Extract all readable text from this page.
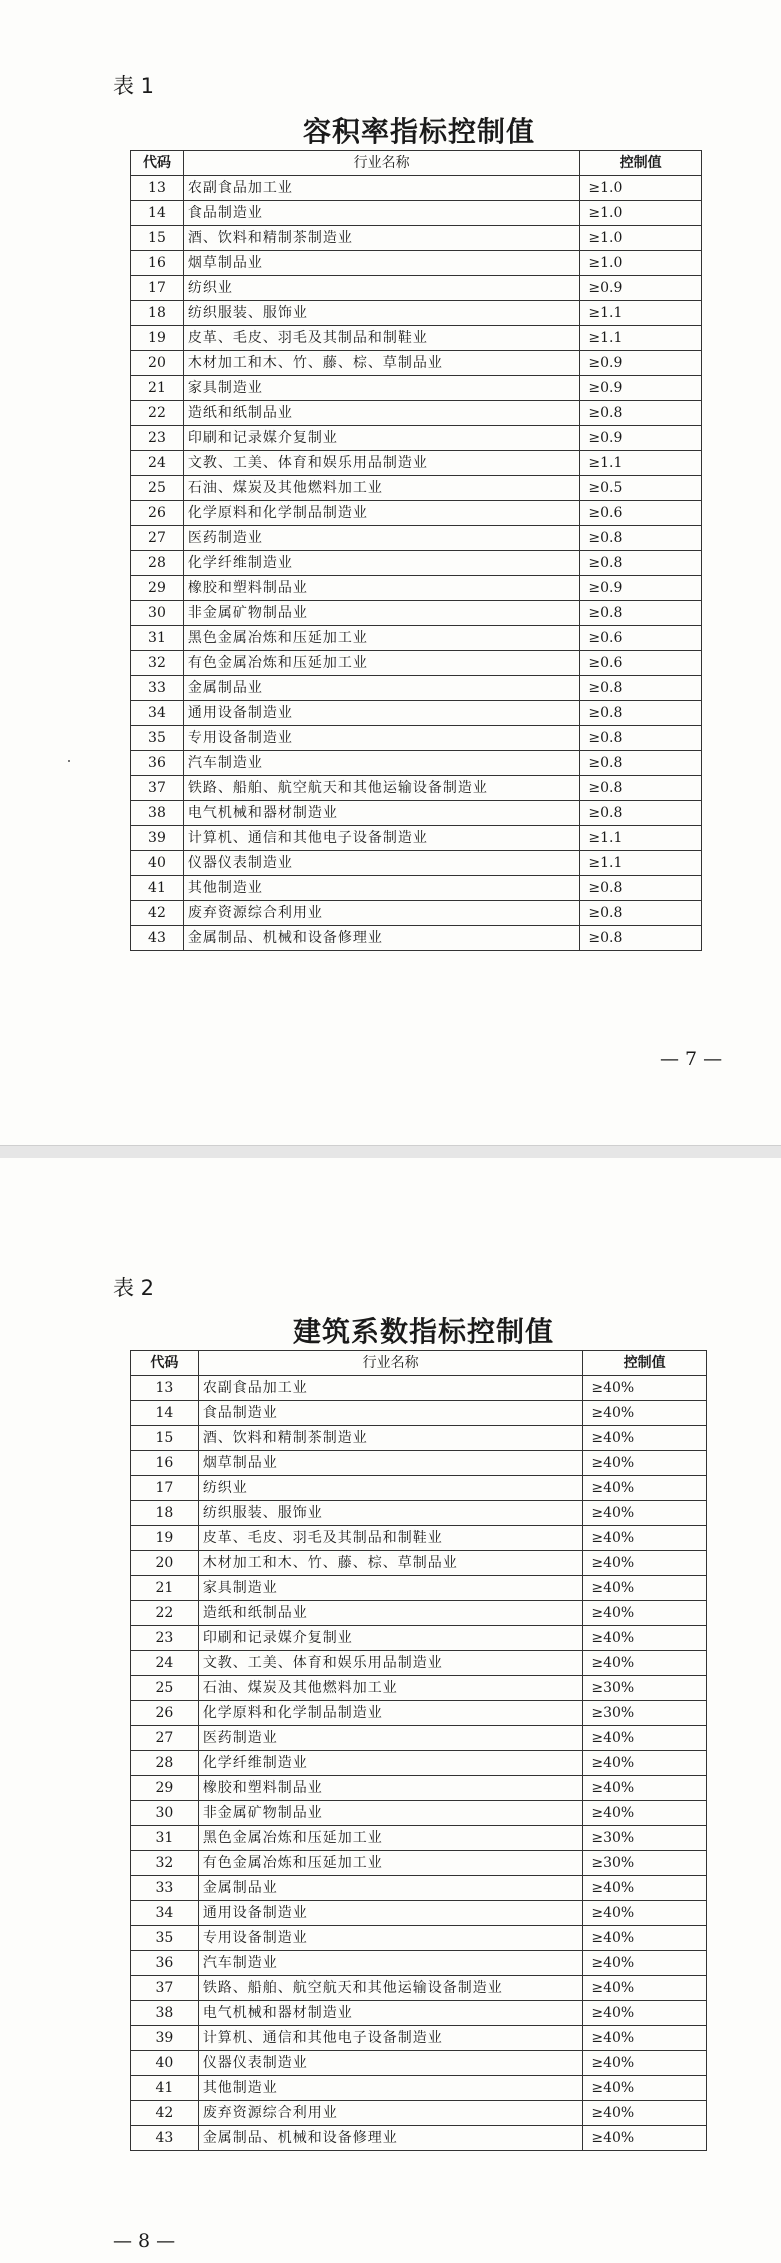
表 1
容积率指标控制值
代码	行业名称	控制值
13	农副食品加工业	≥1.0
14	食品制造业	≥1.0
15	酒、饮料和精制茶制造业	≥1.0
16	烟草制品业	≥1.0
17	纺织业	≥0.9
18	纺织服装、服饰业	≥1.1
19	皮革、毛皮、羽毛及其制品和制鞋业	≥1.1
20	木材加工和木、竹、藤、棕、草制品业	≥0.9
21	家具制造业	≥0.9
22	造纸和纸制品业	≥0.8
23	印刷和记录媒介复制业	≥0.9
24	文教、工美、体育和娱乐用品制造业	≥1.1
25	石油、煤炭及其他燃料加工业	≥0.5
26	化学原料和化学制品制造业	≥0.6
27	医药制造业	≥0.8
28	化学纤维制造业	≥0.8
29	橡胶和塑料制品业	≥0.9
30	非金属矿物制品业	≥0.8
31	黑色金属冶炼和压延加工业	≥0.6
32	有色金属冶炼和压延加工业	≥0.6
33	金属制品业	≥0.8
34	通用设备制造业	≥0.8
35	专用设备制造业	≥0.8
36	汽车制造业	≥0.8
37	铁路、船舶、航空航天和其他运输设备制造业	≥0.8
38	电气机械和器材制造业	≥0.8
39	计算机、通信和其他电子设备制造业	≥1.1
40	仪器仪表制造业	≥1.1
41	其他制造业	≥0.8
42	废弃资源综合利用业	≥0.8
43	金属制品、机械和设备修理业	≥0.8
— 7 —
表 2
建筑系数指标控制值
代码	行业名称	控制值
13	农副食品加工业	≥40%
14	食品制造业	≥40%
15	酒、饮料和精制茶制造业	≥40%
16	烟草制品业	≥40%
17	纺织业	≥40%
18	纺织服装、服饰业	≥40%
19	皮革、毛皮、羽毛及其制品和制鞋业	≥40%
20	木材加工和木、竹、藤、棕、草制品业	≥40%
21	家具制造业	≥40%
22	造纸和纸制品业	≥40%
23	印刷和记录媒介复制业	≥40%
24	文教、工美、体育和娱乐用品制造业	≥40%
25	石油、煤炭及其他燃料加工业	≥30%
26	化学原料和化学制品制造业	≥30%
27	医药制造业	≥40%
28	化学纤维制造业	≥40%
29	橡胶和塑料制品业	≥40%
30	非金属矿物制品业	≥40%
31	黑色金属冶炼和压延加工业	≥30%
32	有色金属冶炼和压延加工业	≥30%
33	金属制品业	≥40%
34	通用设备制造业	≥40%
35	专用设备制造业	≥40%
36	汽车制造业	≥40%
37	铁路、船舶、航空航天和其他运输设备制造业	≥40%
38	电气机械和器材制造业	≥40%
39	计算机、通信和其他电子设备制造业	≥40%
40	仪器仪表制造业	≥40%
41	其他制造业	≥40%
42	废弃资源综合利用业	≥40%
43	金属制品、机械和设备修理业	≥40%
— 8 —
